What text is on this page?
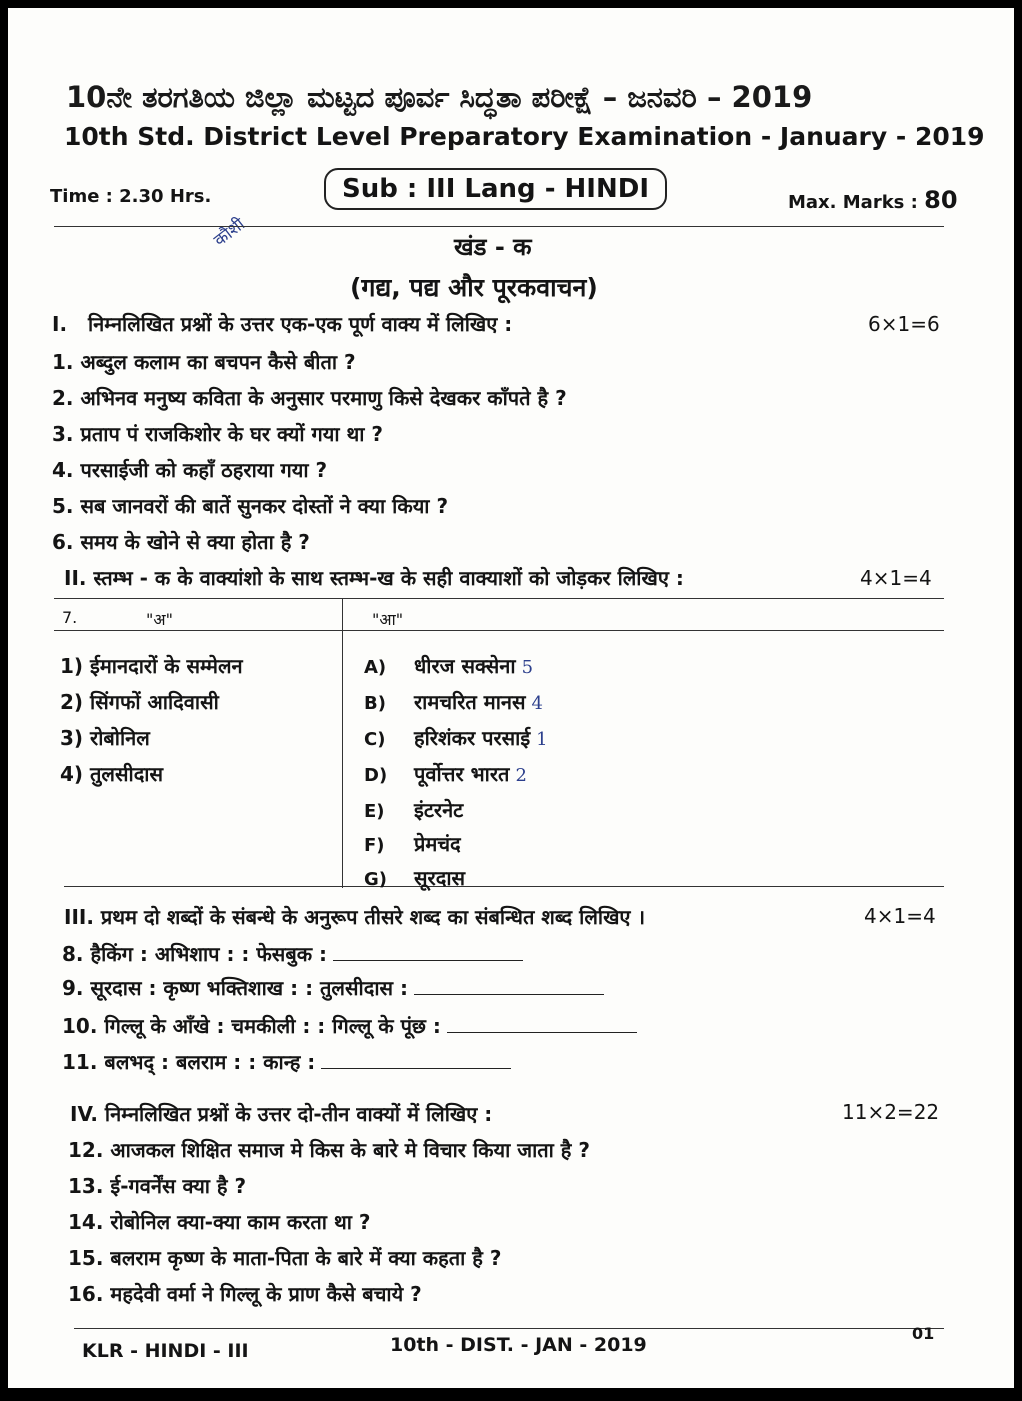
10ನೇ ತರಗತಿಯ ಜಿಲ್ಲಾ ಮಟ್ಟದ ಪೂರ್ವ ಸಿದ್ಧತಾ ಪರೀಕ್ಷೆ – ಜನವರಿ – 2019
10th Std. District Level Preparatory Examination - January - 2019
Time : 2.30 Hrs.	Sub : III Lang - HINDI	Max. Marks : 80
कौशी	खंड - क
(गद्य, पद्य और पूरकवाचन)
I. निम्नलिखित प्रश्नों के उत्तर एक-एक पूर्ण वाक्य में लिखिए :	6×1=6
1. अब्दुल कलाम का बचपन कैसे बीता ?
2. अभिनव मनुष्य कविता के अनुसार परमाणु किसे देखकर काँपते है ?
3. प्रताप पं राजकिशोर के घर क्यों गया था ?
4. परसाईजी को कहाँ ठहराया गया ?
5. सब जानवरों की बातें सुनकर दोस्तों ने क्या किया ?
6. समय के खोने से क्या होता है ?
II. स्तम्भ - क के वाक्यांशो के साथ स्तम्भ-ख के सही वाक्याशों को जोड़कर लिखिए :	4×1=4
7.	"अ"	"आ"
1) ईमानदारों के सम्मेलन
2) सिंगफों आदिवासी
3) रोबोनिल
4) तुलसीदास
A) धीरज सक्सेना 5
B) रामचरित मानस 4
C) हरिशंकर परसाई 1
D) पूर्वोत्तर भारत 2
E) इंटरनेट
F) प्रेमचंद
G) सूरदास
III. प्रथम दो शब्दों के संबन्धे के अनुरूप तीसरे शब्द का संबन्धित शब्द लिखिए ।	4×1=4
8. हैकिंग : अभिशाप : : फेसबुक :
9. सूरदास : कृष्ण भक्तिशाख : : तुलसीदास :
10. गिल्लू के आँखे : चमकीली : : गिल्लू के पूंछ :
11. बलभद् : बलराम : : कान्ह :
IV. निम्नलिखित प्रश्नों के उत्तर दो-तीन वाक्यों में लिखिए :	11×2=22
12. आजकल शिक्षित समाज मे किस के बारे मे विचार किया जाता है ?
13. ई-गवर्नेंस क्या है ?
14. रोबोनिल क्या-क्या काम करता था ?
15. बलराम कृष्ण के माता-पिता के बारे में क्या कहता है ?
16. महदेवी वर्मा ने गिल्लू के प्राण कैसे बचाये ?
KLR - HINDI - III	10th - DIST. - JAN - 2019
01
